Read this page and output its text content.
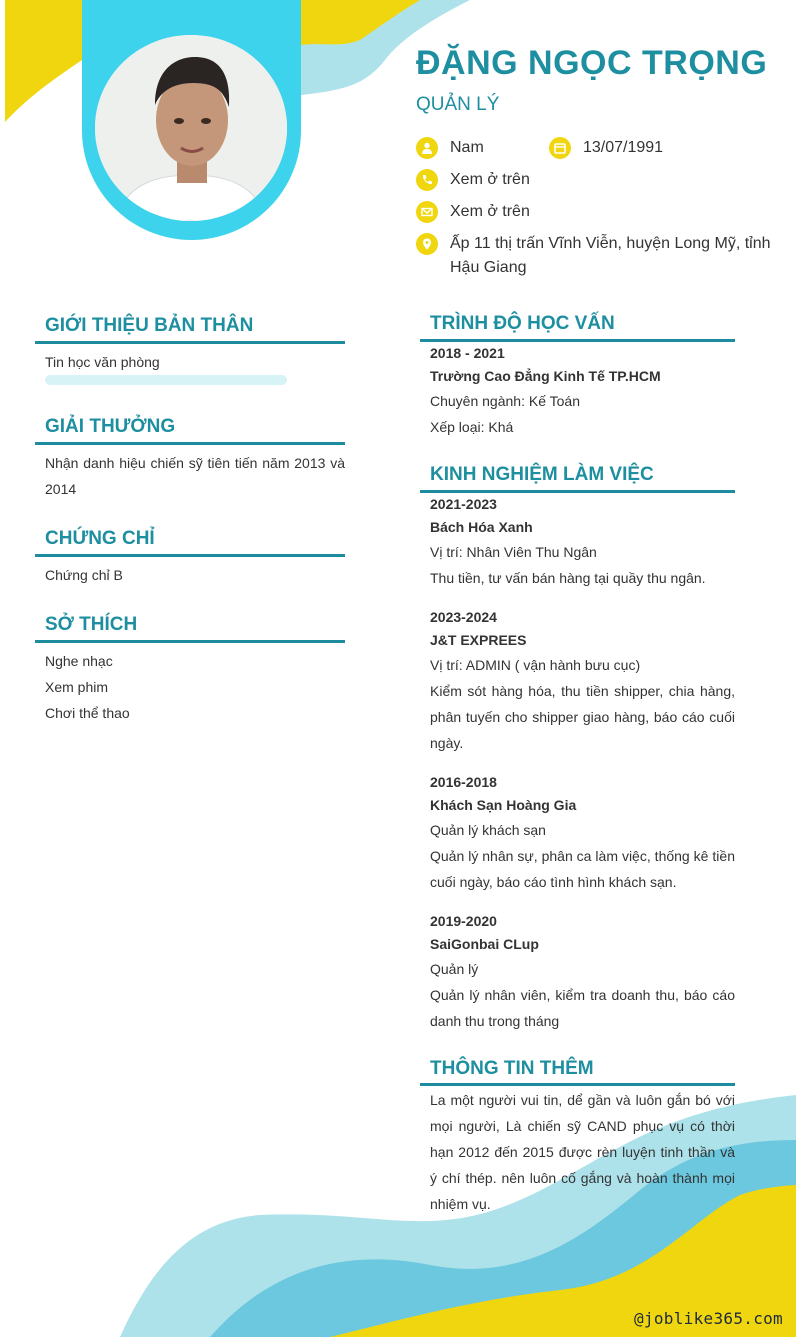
ĐẶNG NGỌC TRỌNG
QUẢN LÝ
Nam	13/07/1991
Xem ở trên
Xem ở trên
Ấp 11 thị trấn Vĩnh Viễn, huyện Long Mỹ, tỉnh Hậu Giang
GIỚI THIỆU BẢN THÂN
Tin học văn phòng
GIẢI THƯỞNG
Nhận danh hiệu chiến sỹ tiên tiến năm 2013 và 2014
CHỨNG CHỈ
Chứng chỉ B
SỞ THÍCH
Nghe nhạc
Xem phim
Chơi thể thao
TRÌNH ĐỘ HỌC VẤN
2018 - 2021
Trường Cao Đẳng Kinh Tế TP.HCM
Chuyên ngành: Kế Toán
Xếp loại: Khá
KINH NGHIỆM LÀM VIỆC
2021-2023
Bách Hóa Xanh
Vị trí: Nhân Viên Thu Ngân
Thu tiền, tư vấn bán hàng tại quầy thu ngân.
2023-2024
J&T EXPREES
Vị trí: ADMIN ( vận hành bưu cục)
Kiểm sót hàng hóa, thu tiền shipper, chia hàng, phân tuyến cho shipper giao hàng, báo cáo cuối ngày.
2016-2018
Khách Sạn Hoàng Gia
Quản lý khách sạn
Quản lý nhân sự, phân ca làm việc, thống kê tiền cuối ngày, báo cáo tình hình khách sạn.
2019-2020
SaiGonbai CLup
Quản lý
Quản lý nhân viên, kiểm tra doanh thu, báo cáo danh thu trong tháng
THÔNG TIN THÊM
La một người vui tin, dể gần và luôn gắn bó với mọi người, Là chiến sỹ CAND phục vụ có thời hạn 2012 đến 2015 được rèn luyện tinh thần và ý chí thép. nên luôn cố gắng và hoàn thành mọi nhiệm vụ.
@joblike365.com
